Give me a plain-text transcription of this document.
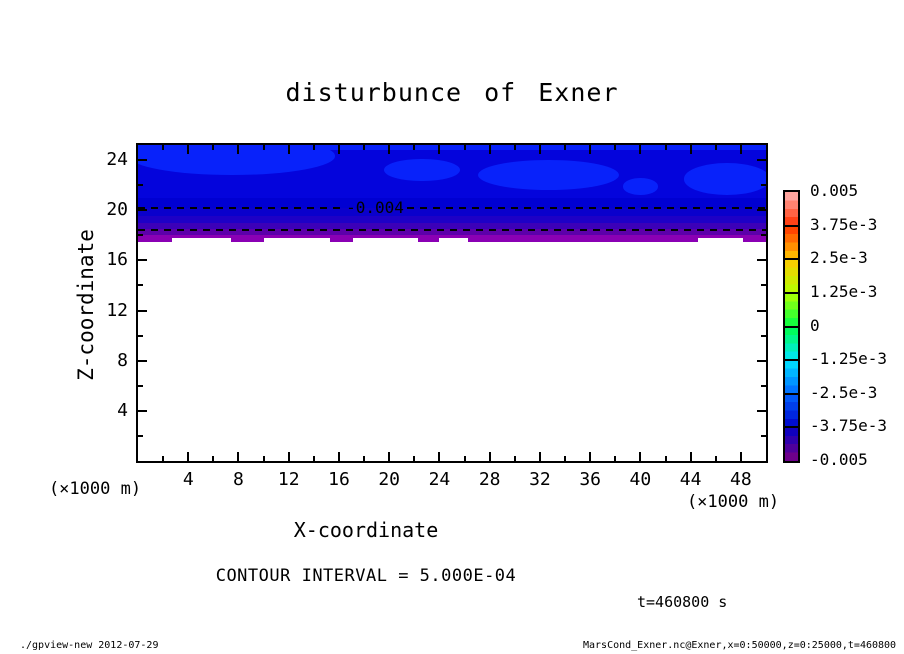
disturbunce of Exner
-0.004
Z-coordinate
X-coordinate
(×1000 m)
(×1000 m)
CONTOUR INTERVAL = 5.000E-04
t=460800 s
./gpview-new 2012-07-29	MarsCond_Exner.nc@Exner,x=0:50000,z=0:25000,t=460800
4	8	12	16	20	24	28	32	36	40	44	48
4
8
12
16
20
24
0.005
3.75e-3
2.5e-3
1.25e-3
0
-1.25e-3
-2.5e-3
-3.75e-3
-0.005
